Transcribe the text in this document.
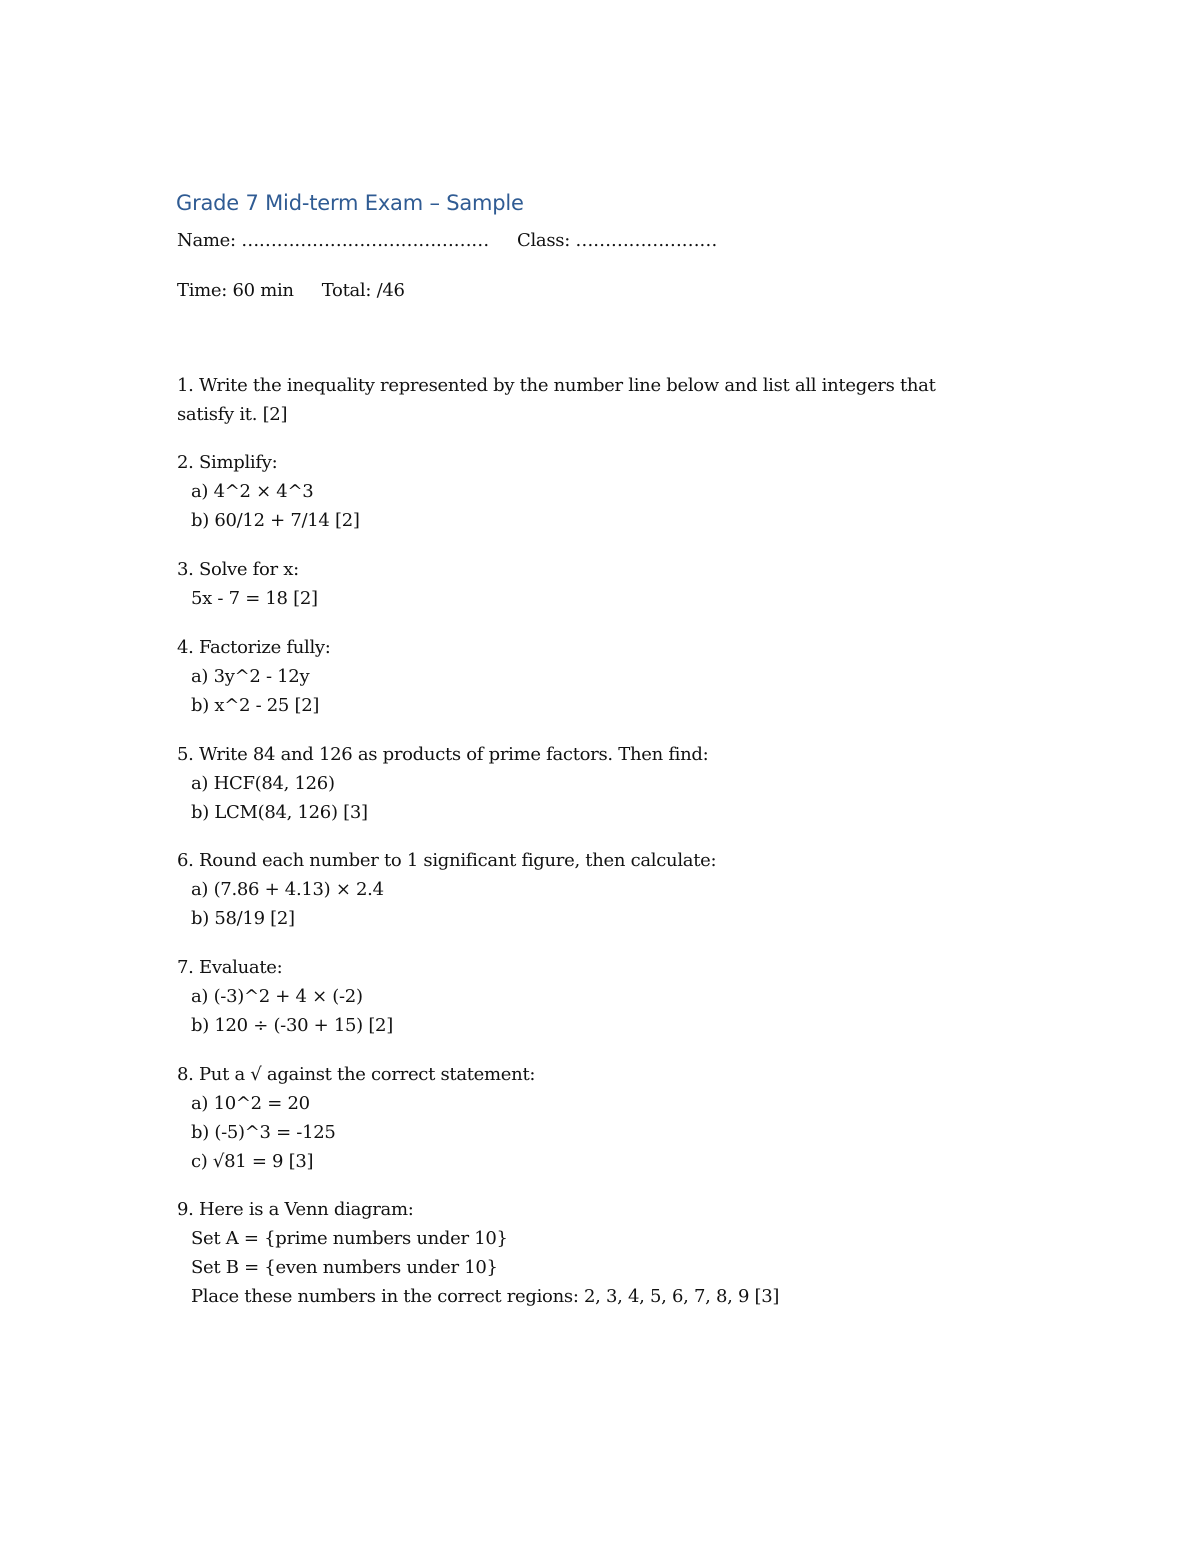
Grade 7 Mid-term Exam – Sample
Name: …………………………………… Class: ……………………
Time: 60 min Total: /46
1. Write the inequality represented by the number line below and list all integers that
satisfy it. [2]
2. Simplify:
a) 4^2 × 4^3
b) 60/12 + 7/14 [2]
3. Solve for x:
5x - 7 = 18 [2]
4. Factorize fully:
a) 3y^2 - 12y
b) x^2 - 25 [2]
5. Write 84 and 126 as products of prime factors. Then find:
a) HCF(84, 126)
b) LCM(84, 126) [3]
6. Round each number to 1 significant figure, then calculate:
a) (7.86 + 4.13) × 2.4
b) 58/19 [2]
7. Evaluate:
a) (-3)^2 + 4 × (-2)
b) 120 ÷ (-30 + 15) [2]
8. Put a √ against the correct statement:
a) 10^2 = 20
b) (-5)^3 = -125
c) √81 = 9 [3]
9. Here is a Venn diagram:
Set A = {prime numbers under 10}
Set B = {even numbers under 10}
Place these numbers in the correct regions: 2, 3, 4, 5, 6, 7, 8, 9 [3]
